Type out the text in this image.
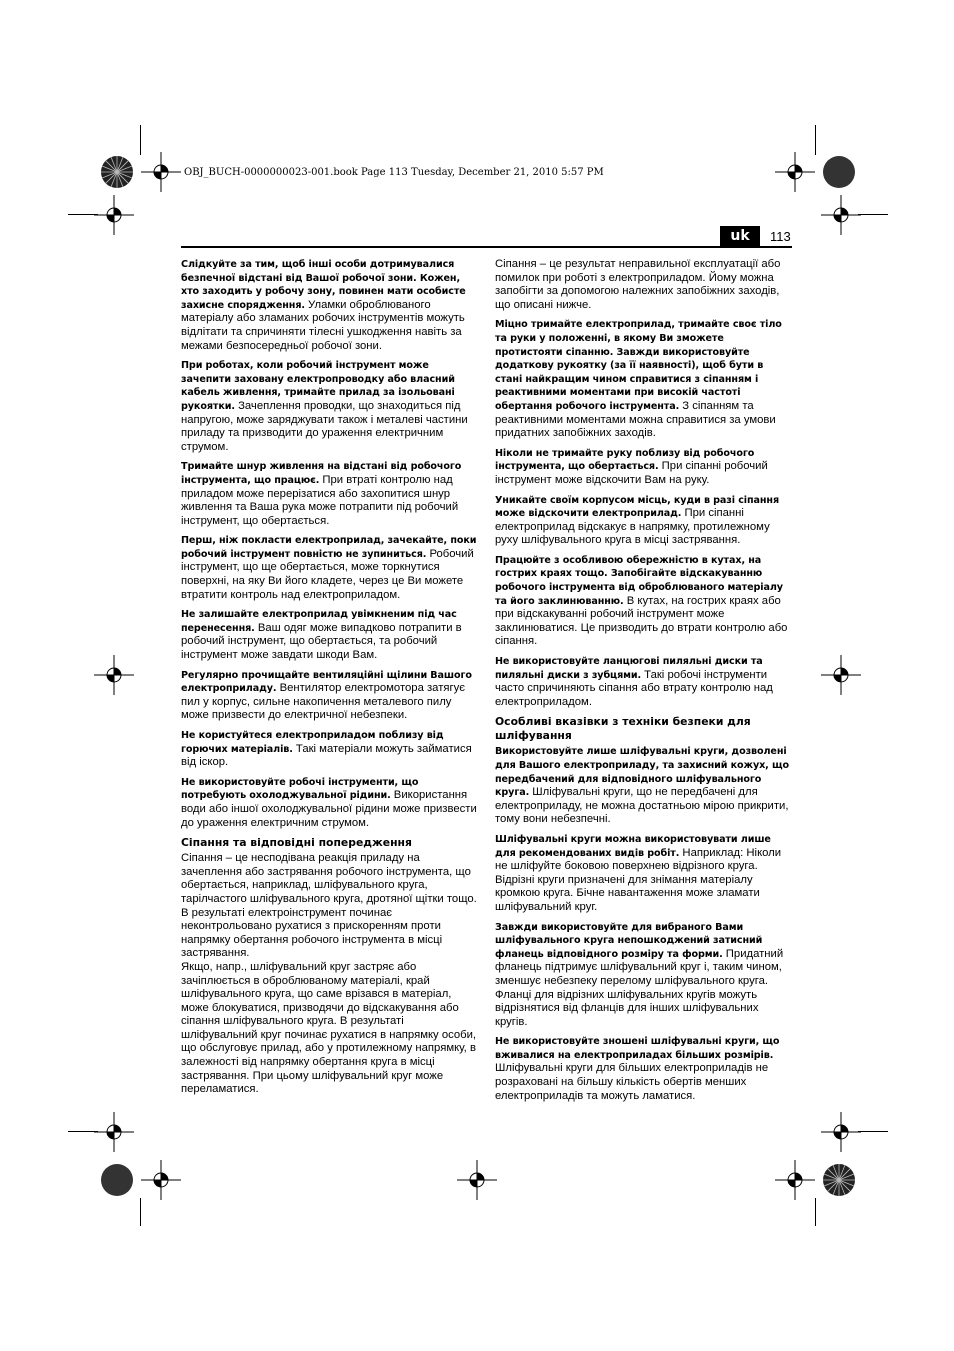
OBJ_BUCH-0000000023-001.book Page 113 Tuesday, December 21, 2010 5:57 PM
uk	113

Слідкуйте за тим, щоб інші особи дотримувалися безпечної відстані від Вашої робочої зони. Кожен, хто заходить у робочу зону, повинен мати особисте захисне спорядження. Уламки оброблюваного матеріалу або зламаних робочих інструментів можуть відлітати та спричиняти тілесні ушкодження навіть за межами безпосередньої робочої зони.

При роботах, коли робочий інструмент може зачепити заховану електропроводку або власний кабель живлення, тримайте прилад за ізольовані рукоятки. Зачеплення проводки, що знаходиться під напругою, може заряджувати також і металеві частини приладу та призводити до ураження електричним струмом.

Тримайте шнур живлення на відстані від робочого інструмента, що працює. При втраті контролю над приладом може перерізатися або захопитися шнур живлення та Ваша рука може потрапити під робочий інструмент, що обертається.

Перш, ніж покласти електроприлад, зачекайте, поки робочий інструмент повністю не зупиниться. Робочий інструмент, що ще обертається, може торкнутися поверхні, на яку Ви його кладете, через це Ви можете втратити контроль над електроприладом.

Не залишайте електроприлад увімкненим під час перенесення. Ваш одяг може випадково потрапити в робочий інструмент, що обертається, та робочий інструмент може завдати шкоди Вам.

Регулярно прочищайте вентиляційні щілини Вашого електроприладу. Вентилятор електромотора затягує пил у корпус, сильне накопичення металевого пилу може призвести до електричної небезпеки.

Не користуйтеся електроприладом поблизу від горючих матеріалів. Такі матеріали можуть займатися від іскор.

Не використовуйте робочі інструменти, що потребують охолоджувальної рідини. Використання води або іншої охолоджувальної рідини може призвести до ураження електричним струмом.

Сіпання та відповідні попередження

Сіпання – це несподівана реакція приладу на зачеплення або застрявання робочого інструмента, що обертається, наприклад, шліфувального круга, тарілчастого шліфувального круга, дротяної щітки тощо. В результаті електроінструмент починає неконтрольовано рухатися з прискоренням проти напрямку обертання робочого інструмента в місці застрявання.

Якщо, напр., шліфувальний круг застряє або зачіплюється в оброблюваному матеріалі, край шліфувального круга, що саме врізався в матеріал, може блокуватися, призводячи до відскакування або сіпання шліфувального круга. В результаті шліфувальний круг починає рухатися в напрямку особи, що обслуговує прилад, або у протилежному напрямку, в залежності від напрямку обертання круга в місці застрявання. При цьому шліфувальний круг може переламатися.

Сіпання – це результат неправильної експлуатації або помилок при роботі з електроприладом. Йому можна запобігти за допомогою належних запобіжних заходів, що описані нижче.

Міцно тримайте електроприлад, тримайте своє тіло та руки у положенні, в якому Ви зможете протистояти сіпанню. Завжди використовуйте додаткову рукоятку (за її наявності), щоб бути в стані найкращим чином справитися з сіпанням і реактивними моментами при високій частоті обертання робочого інструмента. З сіпанням та реактивними моментами можна справитися за умови придатних запобіжних заходів.

Ніколи не тримайте руку поблизу від робочого інструмента, що обертається. При сіпанні робочий інструмент може відскочити Вам на руку.

Уникайте своїм корпусом місць, куди в разі сіпання може відскочити електроприлад. При сіпанні електроприлад відскакує в напрямку, протилежному руху шліфувального круга в місці застрявання.

Працюйте з особливою обережністю в кутах, на гострих краях тощо. Запобігайте відскакуванню робочого інструмента від оброблюваного матеріалу та його заклинюванню. В кутах, на гострих краях або при відскакуванні робочий інструмент може заклинюватися. Це призводить до втрати контролю або сіпання.

Не використовуйте ланцюгові пиляльні диски та пиляльні диски з зубцями. Такі робочі інструменти часто спричиняють сіпання або втрату контролю над електроприладом.

Особливі вказівки з техніки безпеки для шліфування

Використовуйте лише шліфувальні круги, дозволені для Вашого електроприладу, та захисний кожух, що передбачений для відповідного шліфувального круга. Шліфувальні круги, що не передбачені для електроприладу, не можна достатньою мірою прикрити, тому вони небезпечні.

Шліфувальні круги можна використовувати лише для рекомендованих видів робіт. Наприклад: Ніколи не шліфуйте боковою поверхнею відрізного круга. Відрізні круги призначені для знімання матеріалу кромкою круга. Бічне навантаження може зламати шліфувальний круг.

Завжди використовуйте для вибраного Вами шліфувального круга непошкоджений затисний фланець відповідного розміру та форми. Придатний фланець підтримує шліфувальний круг і, таким чином, зменшує небезпеку перелому шліфувального круга. Фланці для відрізних шліфувальних кругів можуть відрізнятися від фланців для інших шліфувальних кругів.

Не використовуйте зношені шліфувальні круги, що вживалися на електроприладах більших розмірів. Шліфувальні круги для більших електроприладів не розраховані на більшу кількість обертів менших електроприладів та можуть ламатися.
